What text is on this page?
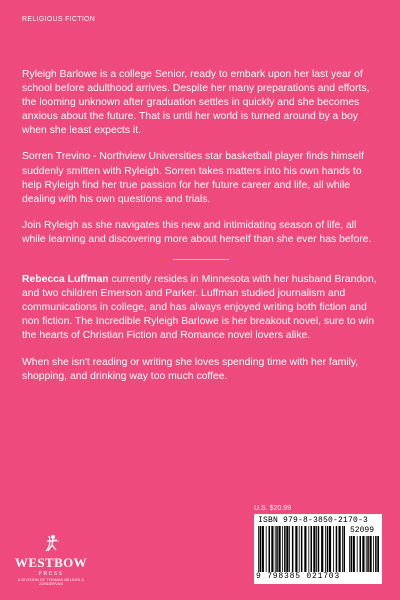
RELIGIOUS FICTION

Ryleigh Barlowe is a college Senior, ready to embark upon her last year of school before adulthood arrives. Despite her many preparations and efforts, the looming unknown after graduation settles in quickly and she becomes anxious about the future. That is until her world is turned around by a boy when she least expects it.

Sorren Trevino - Northview Universities star basketball player finds himself suddenly smitten with Ryleigh. Sorren takes matters into his own hands to help Ryleigh find her true passion for her future career and life, all while dealing with his own questions and trials.

Join Ryleigh as she navigates this new and intimidating season of life, all while learning and discovering more about herself than she ever has before.

Rebecca Luffman currently resides in Minnesota with her husband Brandon, and two children Emerson and Parker. Luffman studied journalism and communications in college, and has always enjoyed writing both fiction and non fiction. The Incredible Ryleigh Barlowe is her breakout novel, sure to win the hearts of Christian Fiction and Romance novel lovers alike.

When she isn't reading or writing she loves spending time with her family, shopping, and drinking way too much coffee.

U.S. $20.99
ISBN 979-8-3850-2170-3
52099
9 798385 021703
WESTBOW
PRESS
A DIVISION OF THOMAS NELSON & ZONDERVAN
